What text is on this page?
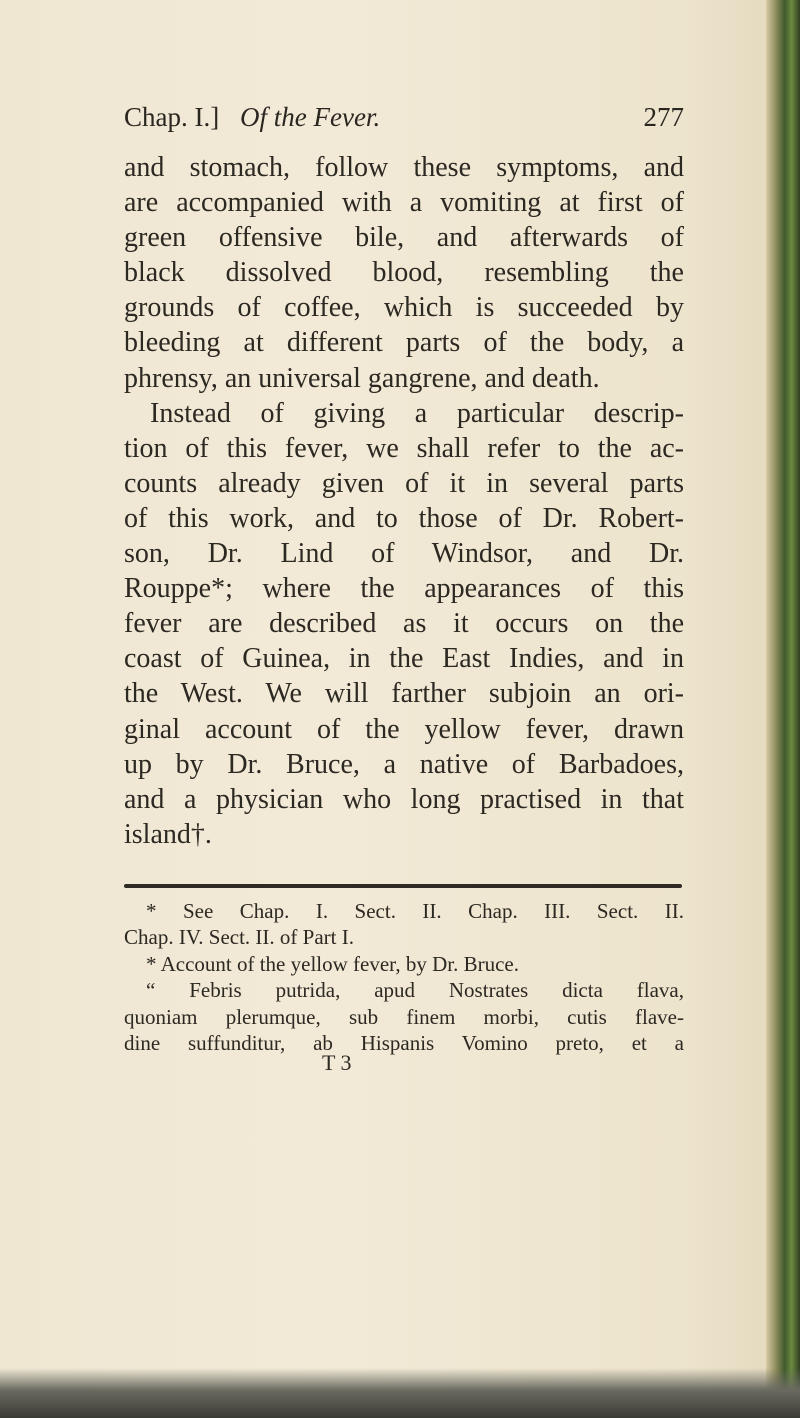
Chap. I.] Of the Fever.	277
and stomach, follow these symptoms, and
are accompanied with a vomiting at first of
green offensive bile, and afterwards of
black dissolved blood, resembling the
grounds of coffee, which is succeeded by
bleeding at different parts of the body, a
phrensy, an universal gangrene, and death.
Instead of giving a particular descrip-
tion of this fever, we shall refer to the ac-
counts already given of it in several parts
of this work, and to those of Dr. Robert-
son, Dr. Lind of Windsor, and Dr.
Rouppe*; where the appearances of this
fever are described as it occurs on the
coast of Guinea, in the East Indies, and in
the West. We will farther subjoin an ori-
ginal account of the yellow fever, drawn
up by Dr. Bruce, a native of Barbadoes,
and a physician who long practised in that
island†.
* See Chap. I. Sect. II. Chap. III. Sect. II.
Chap. IV. Sect. II. of Part I.
* Account of the yellow fever, by Dr. Bruce.
“ Febris putrida, apud Nostrates dicta flava,
quoniam plerumque, sub finem morbi, cutis flave-
dine suffunditur, ab Hispanis Vomino preto, et a
T 3
